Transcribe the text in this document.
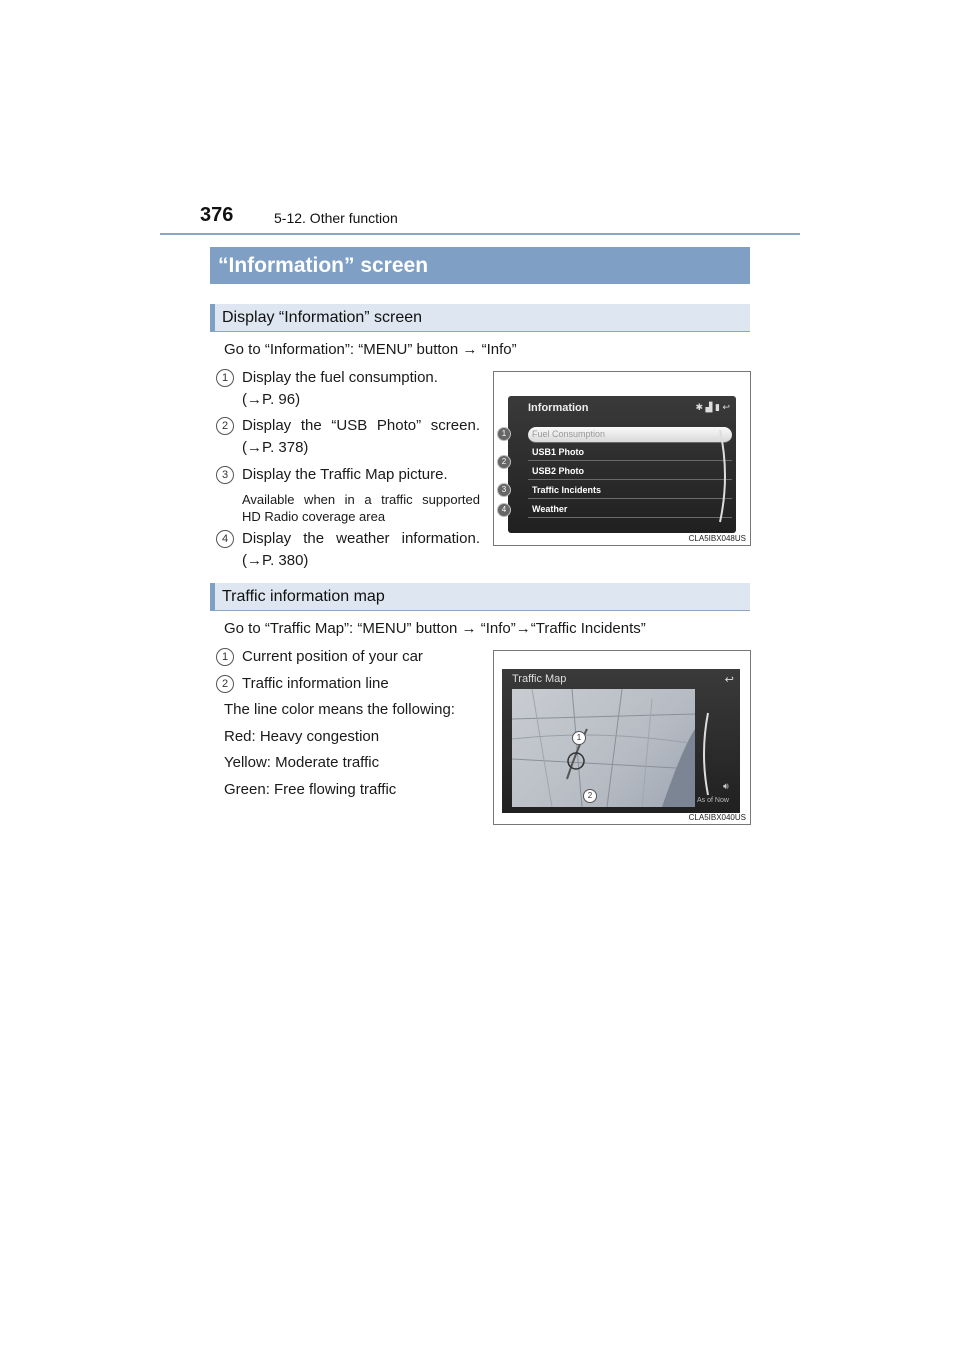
376	5-12. Other function
“Information” screen
Display “Information” screen
Go to “Information”: “MENU” button → “Info”
1 Display the fuel consumption.
(→P. 96)
2 Display the “USB Photo” screen.
(→P. 378)
3 Display the Traffic Map picture.
Available when in a traffic supported
HD Radio coverage area
4 Display the weather information.
(→P. 380)
Information	✱ ▟ ▮ ↩
Fuel Consumption
USB1 Photo
USB2 Photo
Traffic Incidents
Weather
1
2
3
4
CLA5IBX048US
Traffic information map
Go to “Traffic Map”: “MENU” button → “Info”→“Traffic Incidents”
1 Current position of your car
2 Traffic information line
The line color means the following:
Red: Heavy congestion
Yellow: Moderate traffic
Green: Free flowing traffic
Traffic Map	↩
🔊︎
As of Now
1
2
CLA5IBX040US
